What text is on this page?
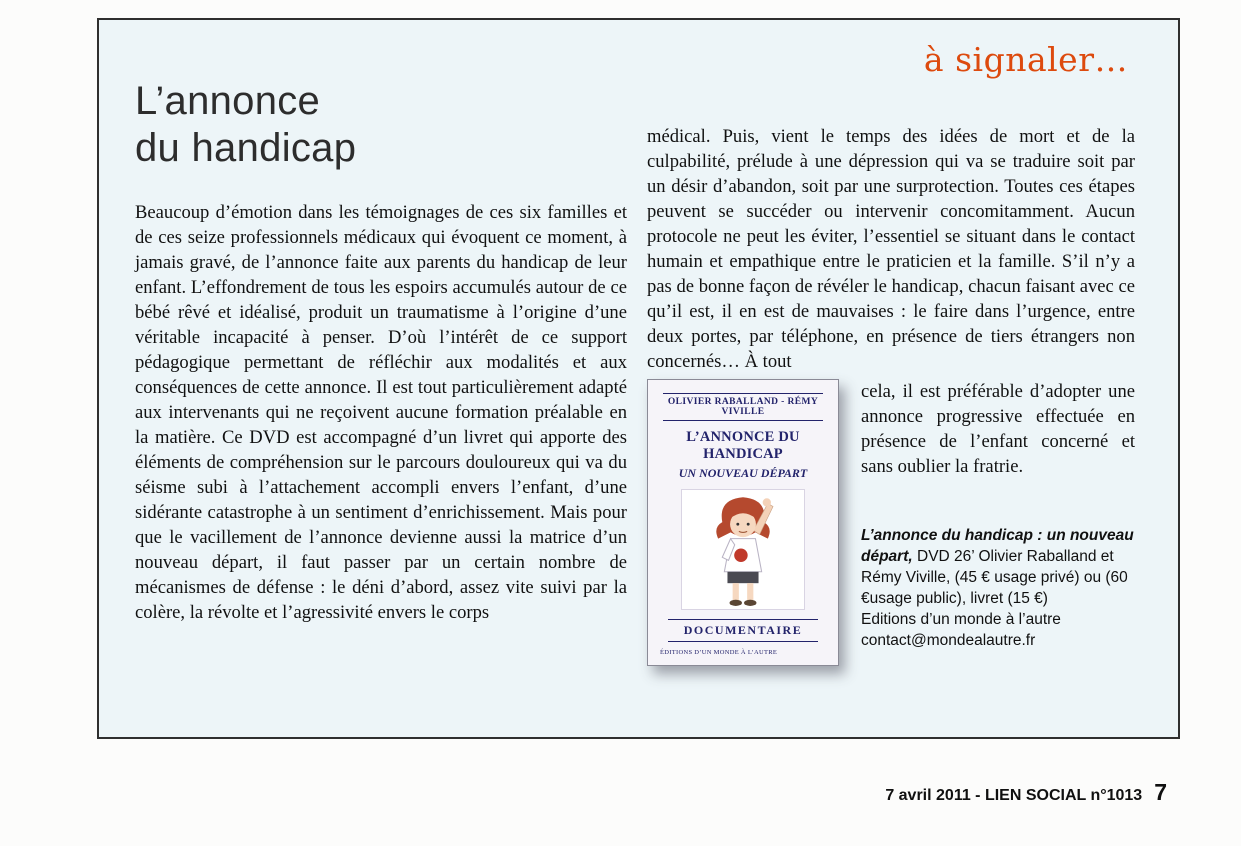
à signaler…
L’annonce
du handicap
Beaucoup d’émotion dans les témoignages de ces six familles et de ces seize professionnels médicaux qui évoquent ce moment, à jamais gravé, de l’annonce faite aux parents du handicap de leur enfant. L’effondrement de tous les espoirs accumulés autour de ce bébé rêvé et idéalisé, produit un traumatisme à l’origine d’une véritable incapacité à penser. D’où l’intérêt de ce support pédagogique permettant de réfléchir aux modalités et aux conséquences de cette annonce. Il est tout particulièrement adapté aux intervenants qui ne reçoivent aucune formation préalable en la matière. Ce DVD est accompagné d’un livret qui apporte des éléments de compréhension sur le parcours douloureux qui va du séisme subi à l’attachement accompli envers l’enfant, d’une sidérante catastrophe à un sentiment d’enrichissement. Mais pour que le vacillement de l’annonce devienne aussi la matrice d’un nouveau départ, il faut passer par un certain nombre de mécanismes de défense : le déni d’abord, assez vite suivi par la colère, la révolte et l’agressivité envers le corps
médical. Puis, vient le temps des idées de mort et de la culpabilité, prélude à une dépression qui va se traduire soit par un désir d’abandon, soit par une surprotection. Toutes ces étapes peuvent se succéder ou intervenir concomitamment. Aucun protocole ne peut les éviter, l’essentiel se situant dans le contact humain et empathique entre le praticien et la famille. S’il n’y a pas de bonne façon de révéler le handicap, chacun faisant avec ce qu’il est, il en est de mauvaises : le faire dans l’urgence, entre deux portes, par téléphone, en présence de tiers étrangers non concernés… À tout
OLIVIER RABALLAND - RÉMY VIVILLE
L’ANNONCE DU HANDICAP
UN NOUVEAU DÉPART
DOCUMENTAIRE
ÉDITIONS D’UN MONDE À L’AUTRE
cela, il est préférable d’adopter une annonce progressive effectuée en présence de l’enfant concerné et sans oublier la fratrie.
L’annonce du handicap : un nouveau départ, DVD 26’ Olivier Raballand et Rémy Viville, (45 € usage privé) ou (60 €usage public), livret (15 €)
Editions d’un monde à l’autre
contact@mondealautre.fr
7 avril 2011 - LIEN SOCIAL n°1013 7
